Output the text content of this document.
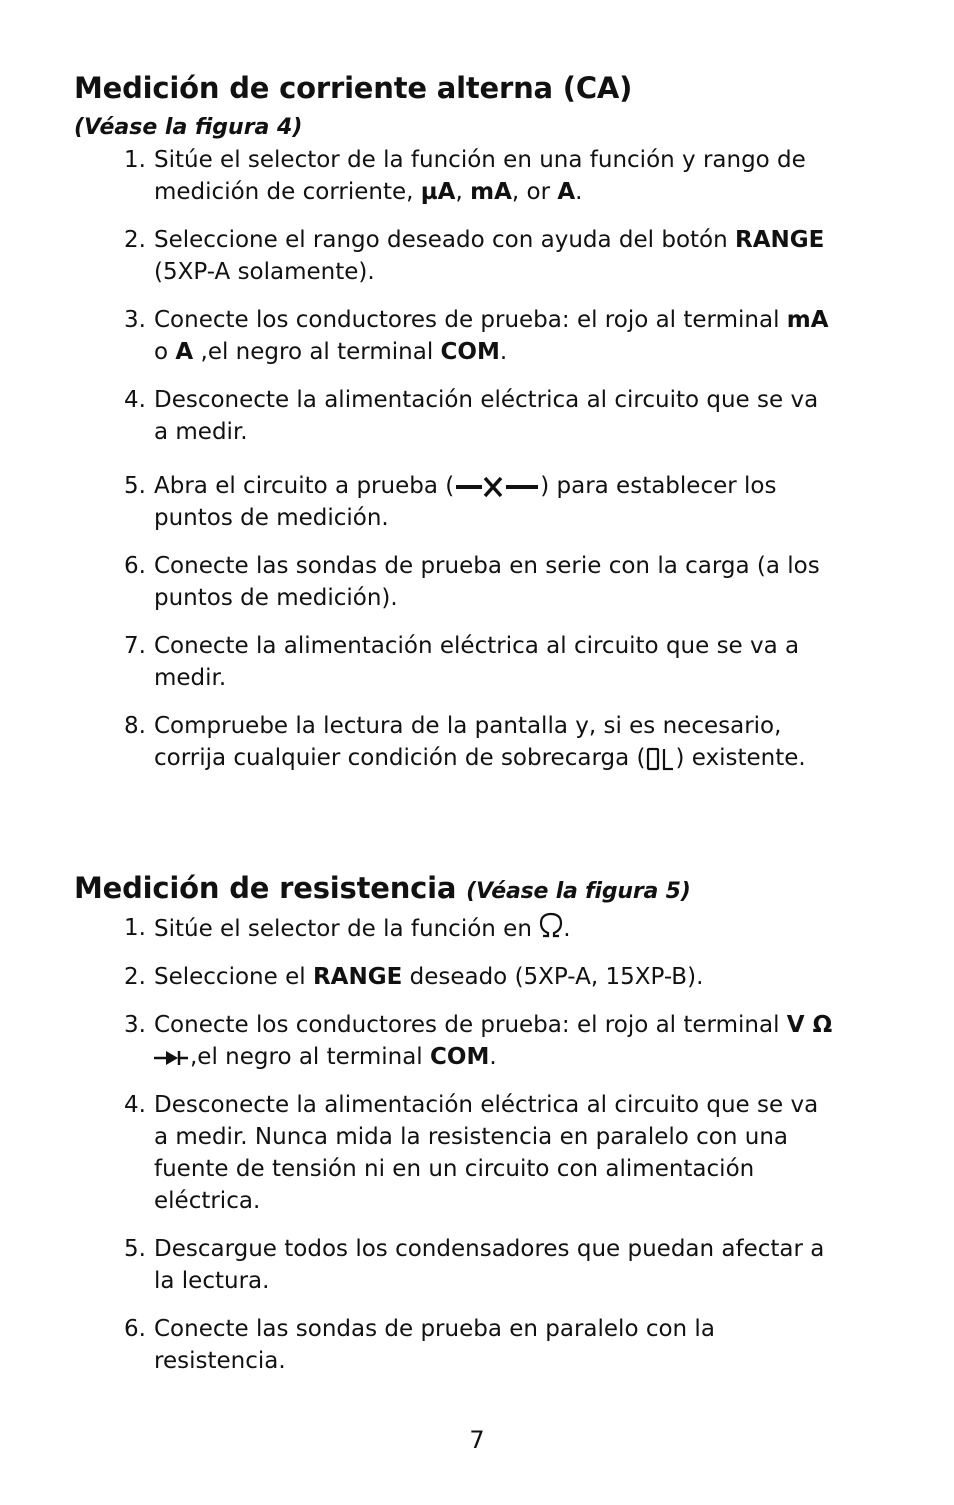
Medición de corriente alterna (CA)
(Véase la figura 4)
1. Sitúe el selector de la función en una función y rango de medición de corriente, µA, mA, or A.
2. Seleccione el rango deseado con ayuda del botón RANGE (5XP-A solamente).
3. Conecte los conductores de prueba: el rojo al terminal mA o A ,el negro al terminal COM.
4. Desconecte la alimentación eléctrica al circuito que se va a medir.
5. Abra el circuito a prueba (	) para establecer los puntos de medición.
6. Conecte las sondas de prueba en serie con la carga (a los puntos de medición).
7. Conecte la alimentación eléctrica al circuito que se va a medir.
8. Compruebe la lectura de la pantalla y, si es necesario, corrija cualquier condición de sobrecarga ( ) existente.
Medición de resistencia (Véase la figura 5)
1. Sitúe el selector de la función en .
2. Seleccione el RANGE deseado (5XP-A, 15XP-B).
3. Conecte los conductores de prueba: el rojo al terminal V Ω,el negro al terminal COM.
4. Desconecte la alimentación eléctrica al circuito que se va a medir. Nunca mida la resistencia en paralelo con una fuente de tensión ni en un circuito con alimentación eléctrica.
5. Descargue todos los condensadores que puedan afectar a la lectura.
6. Conecte las sondas de prueba en paralelo con la resistencia.
7
